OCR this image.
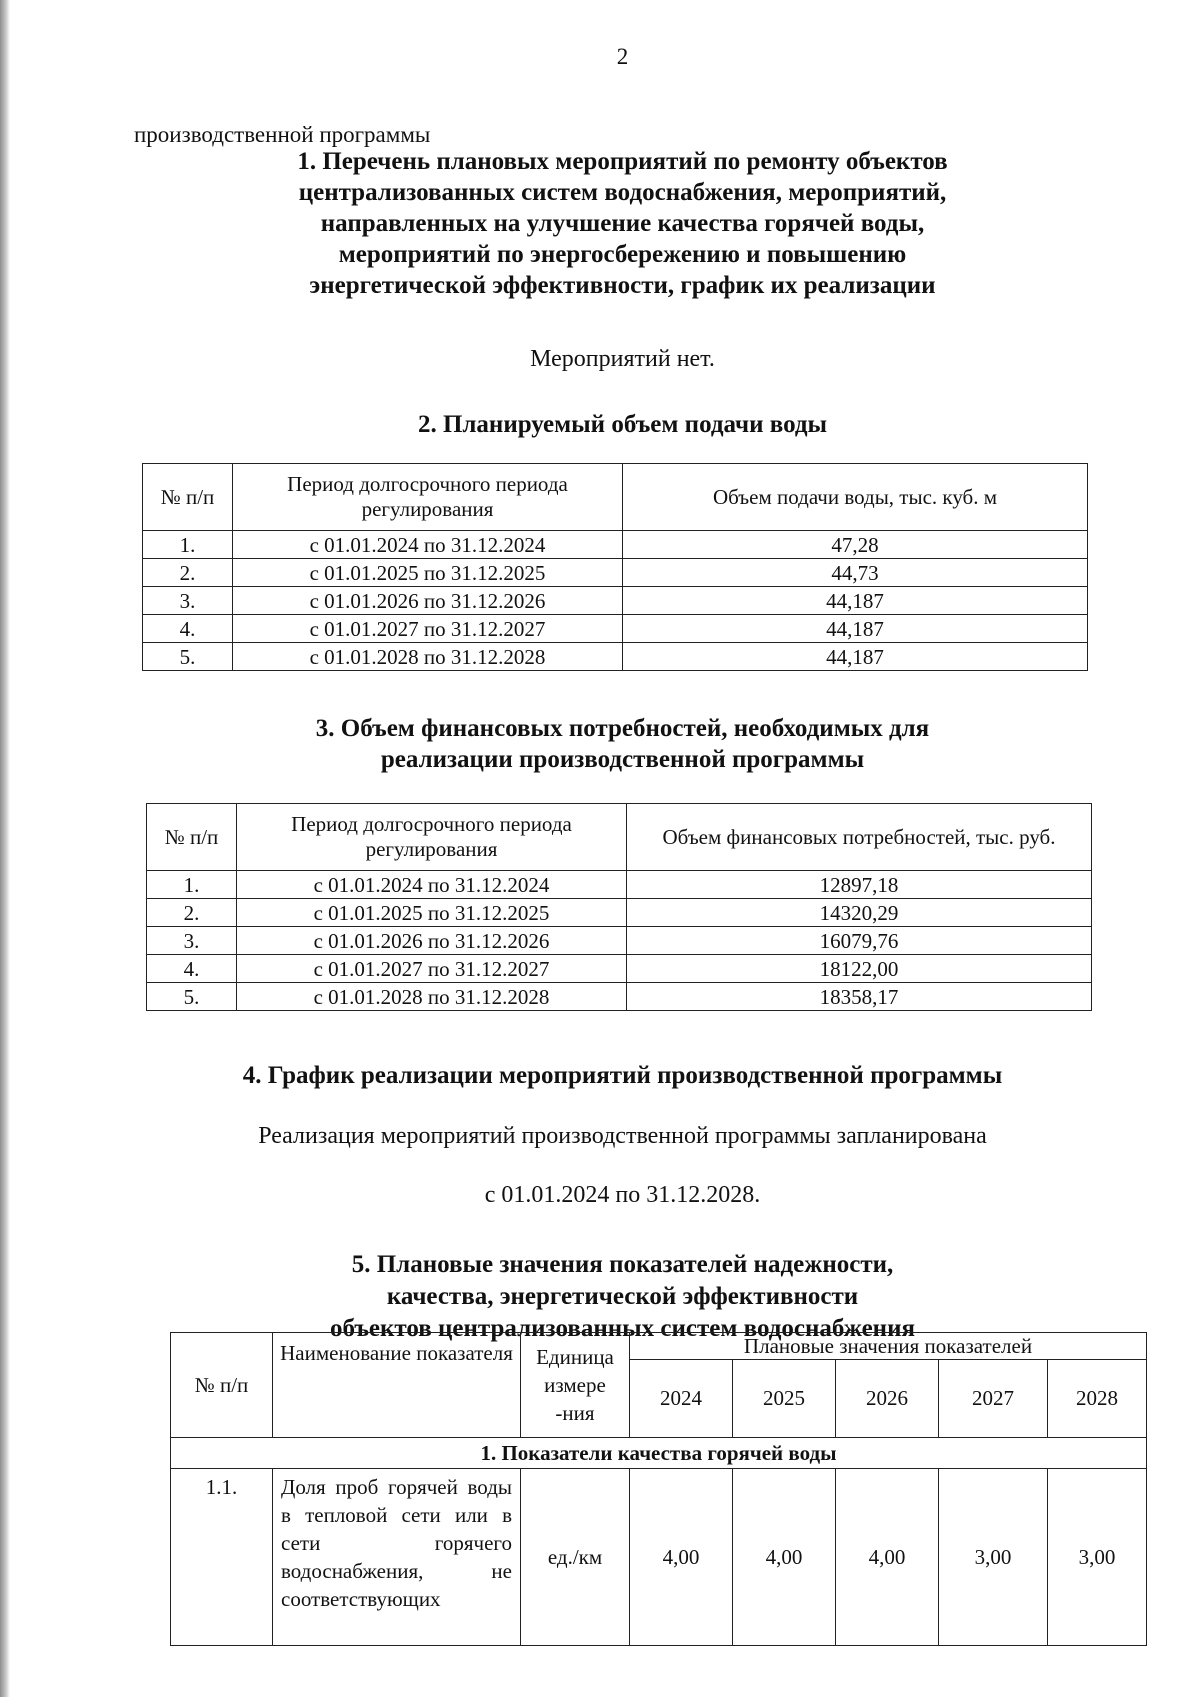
2
производственной программы
1. Перечень плановых мероприятий по ремонту объектов
централизованных систем водоснабжения, мероприятий,
направленных на улучшение качества горячей воды,
мероприятий по энергосбережению и повышению
энергетической эффективности, график их реализации
Мероприятий нет.
2. Планируемый объем подачи воды
№ п/п	Период долгосрочного периода регулирования	Объем подачи воды, тыс. куб. м
1.	с 01.01.2024 по 31.12.2024	47,28
2.	с 01.01.2025 по 31.12.2025	44,73
3.	с 01.01.2026 по 31.12.2026	44,187
4.	с 01.01.2027 по 31.12.2027	44,187
5.	с 01.01.2028 по 31.12.2028	44,187
3. Объем финансовых потребностей, необходимых для
реализации производственной программы
№ п/п	Период долгосрочного периода регулирования	Объем финансовых потребностей, тыс. руб.
1.	с 01.01.2024 по 31.12.2024	12897,18
2.	с 01.01.2025 по 31.12.2025	14320,29
3.	с 01.01.2026 по 31.12.2026	16079,76
4.	с 01.01.2027 по 31.12.2027	18122,00
5.	с 01.01.2028 по 31.12.2028	18358,17
4. График реализации мероприятий производственной программы
Реализация мероприятий производственной программы запланирована
с 01.01.2024 по 31.12.2028.
5. Плановые значения показателей надежности,
качества, энергетической эффективности
объектов централизованных систем водоснабжения
№ п/п	Наименование показателя	Единица измере -ния	Плановые значения показателей				
			2024	2025	2026	2027	2028
1. Показатели качества горячей воды							
1.1.	Доля проб горячей воды в тепловой сети или в сети горячего водоснабжения, не соответствующих	ед./км	4,00	4,00	4,00	3,00	3,00
